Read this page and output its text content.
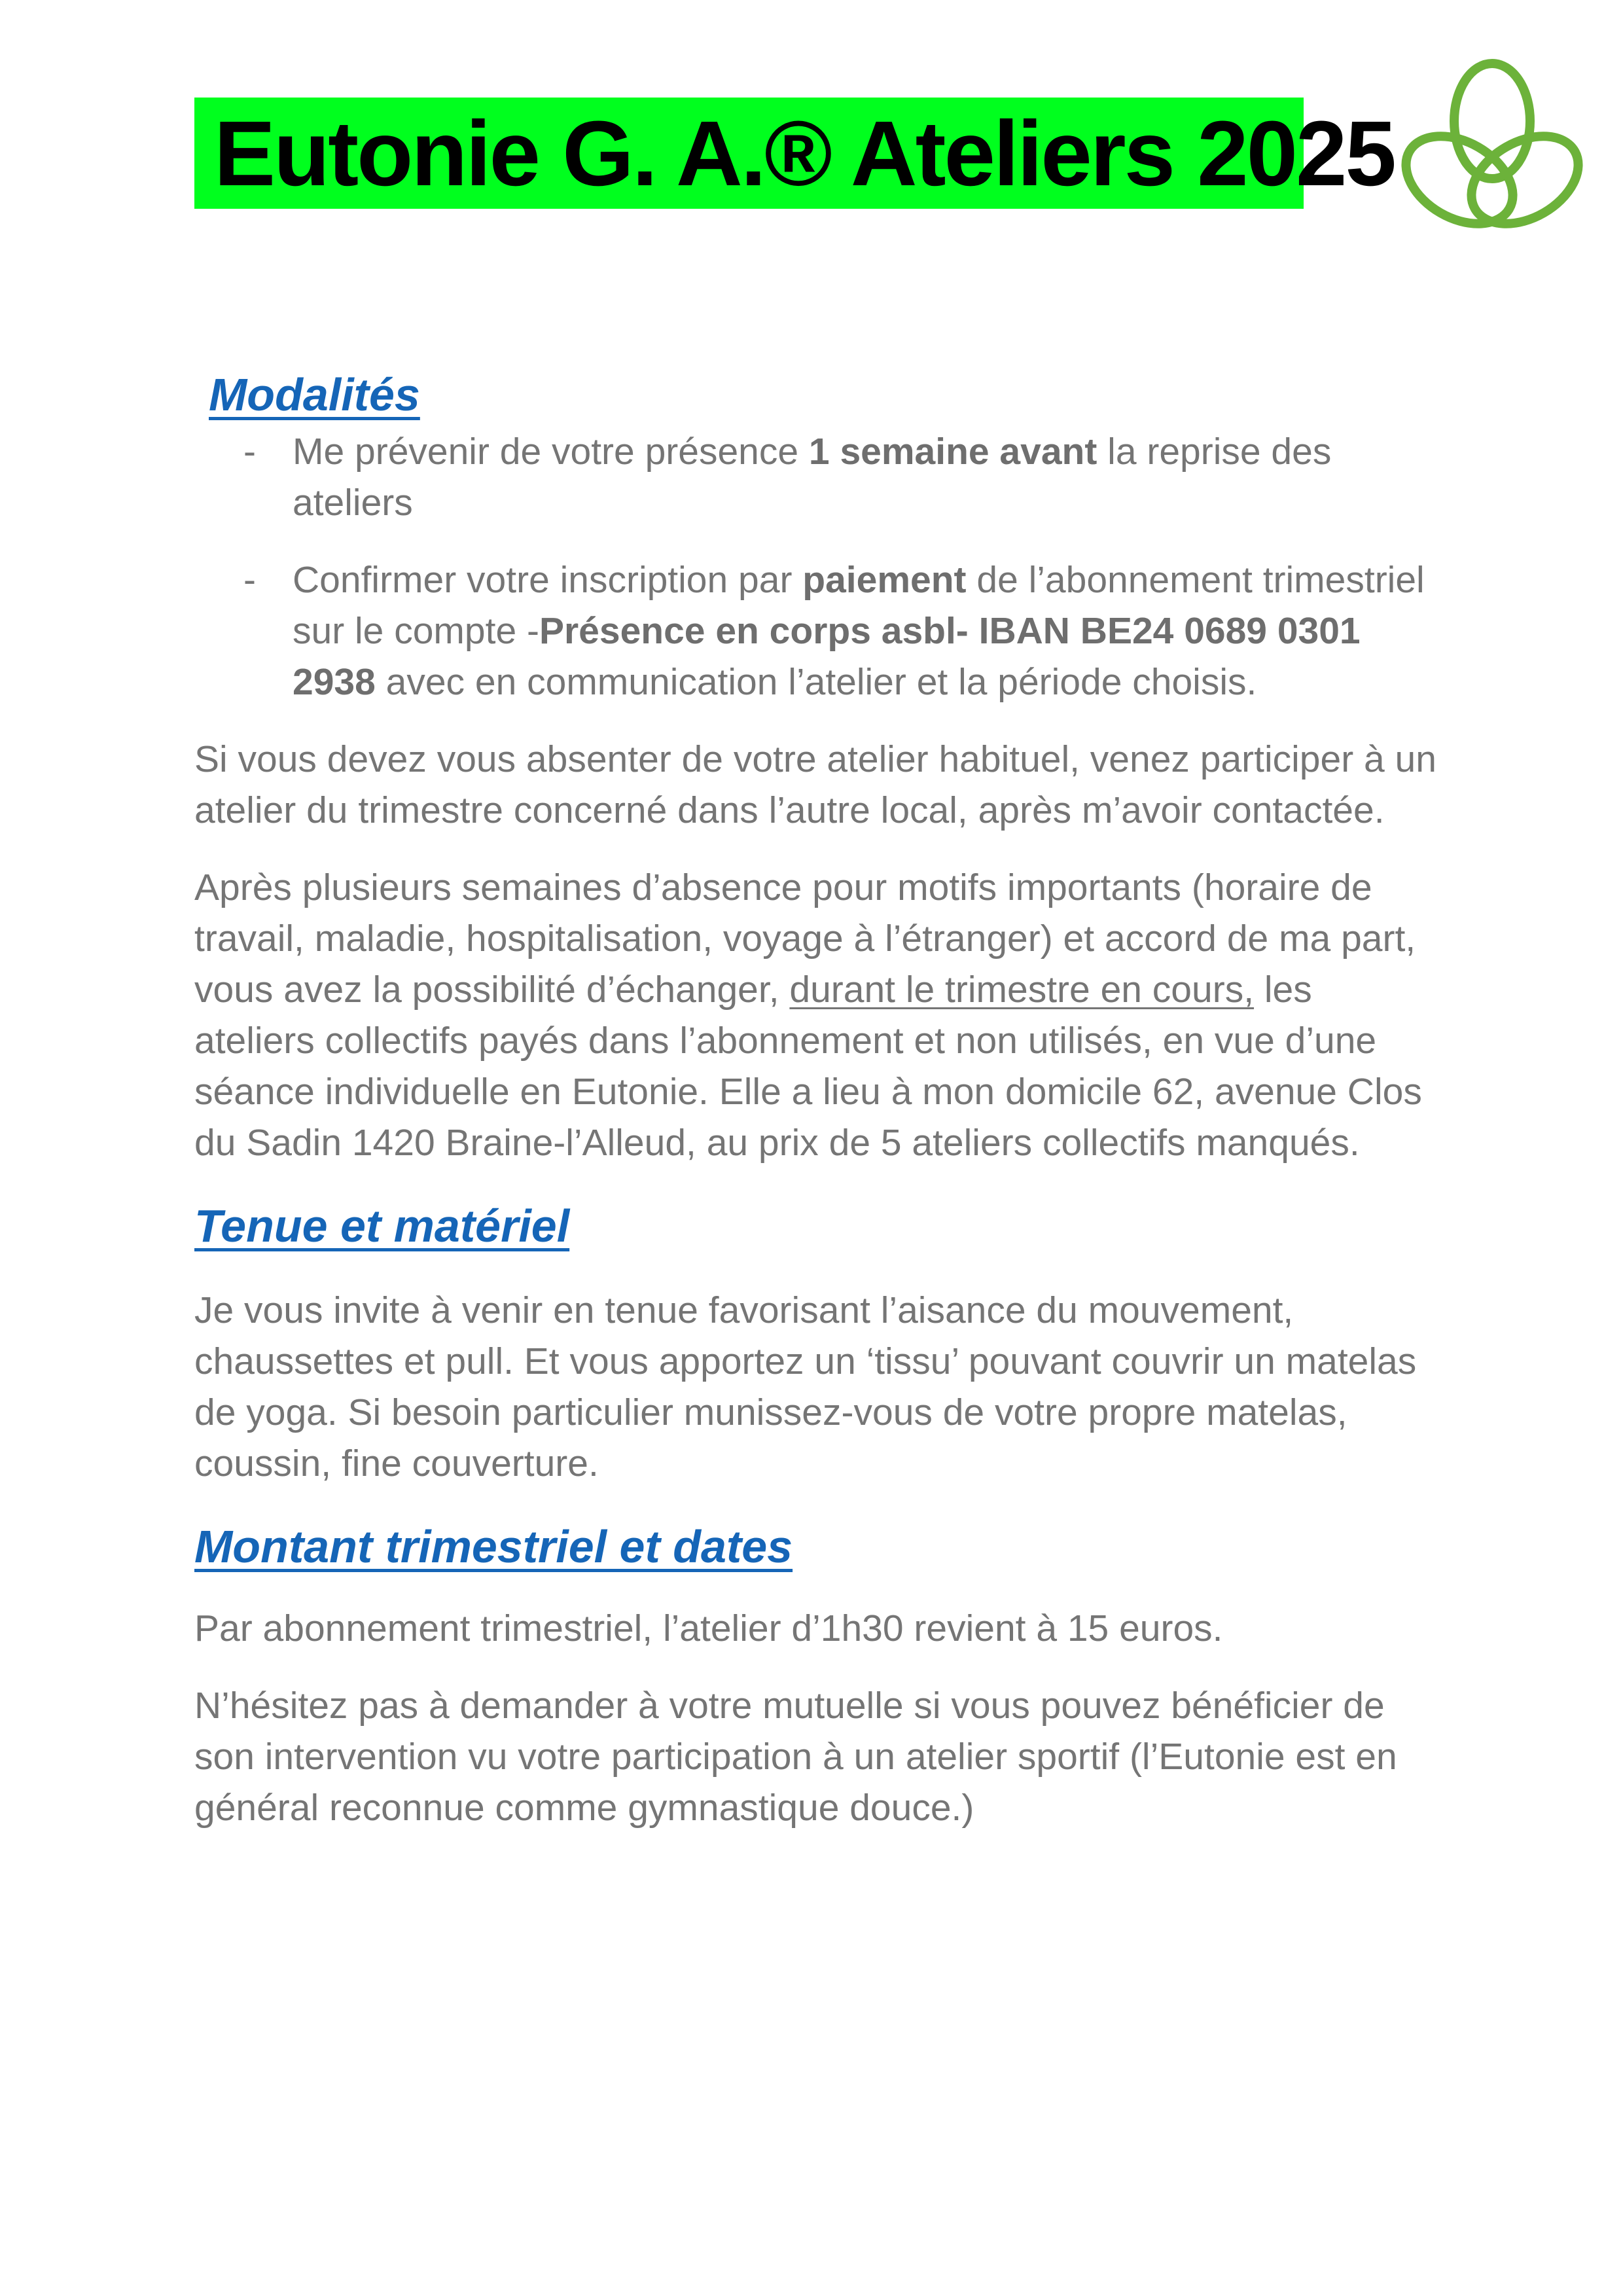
Eutonie G. A.® Ateliers 2025
Modalités
- Me prévenir de votre présence 1 semaine avant la reprise des ateliers
- Confirmer votre inscription par paiement de l’abonnement trimestriel sur le compte -Présence en corps asbl- IBAN BE24 0689 0301 2938 avec en communication l’atelier et la période choisis.

Si vous devez vous absenter de votre atelier habituel, venez participer à un atelier du trimestre concerné dans l’autre local, après m’avoir contactée.

Après plusieurs semaines d’absence pour motifs importants (horaire de travail, maladie, hospitalisation, voyage à l’étranger) et accord de ma part, vous avez la possibilité d’échanger, durant le trimestre en cours, les ateliers collectifs payés dans l’abonnement et non utilisés, en vue d’une séance individuelle en Eutonie. Elle a lieu à mon domicile 62, avenue Clos du Sadin 1420 Braine-l’Alleud, au prix de 5 ateliers collectifs manqués.

Tenue et matériel

Je vous invite à venir en tenue favorisant l’aisance du mouvement, chaussettes et pull. Et vous apportez un ‘tissu’ pouvant couvrir un matelas de yoga. Si besoin particulier munissez-vous de votre propre matelas, coussin, fine couverture.

Montant trimestriel et dates

Par abonnement trimestriel, l’atelier d’1h30 revient à 15 euros.

N’hésitez pas à demander à votre mutuelle si vous pouvez bénéficier de son intervention vu votre participation à un atelier sportif (l’Eutonie est en général reconnue comme gymnastique douce.)
